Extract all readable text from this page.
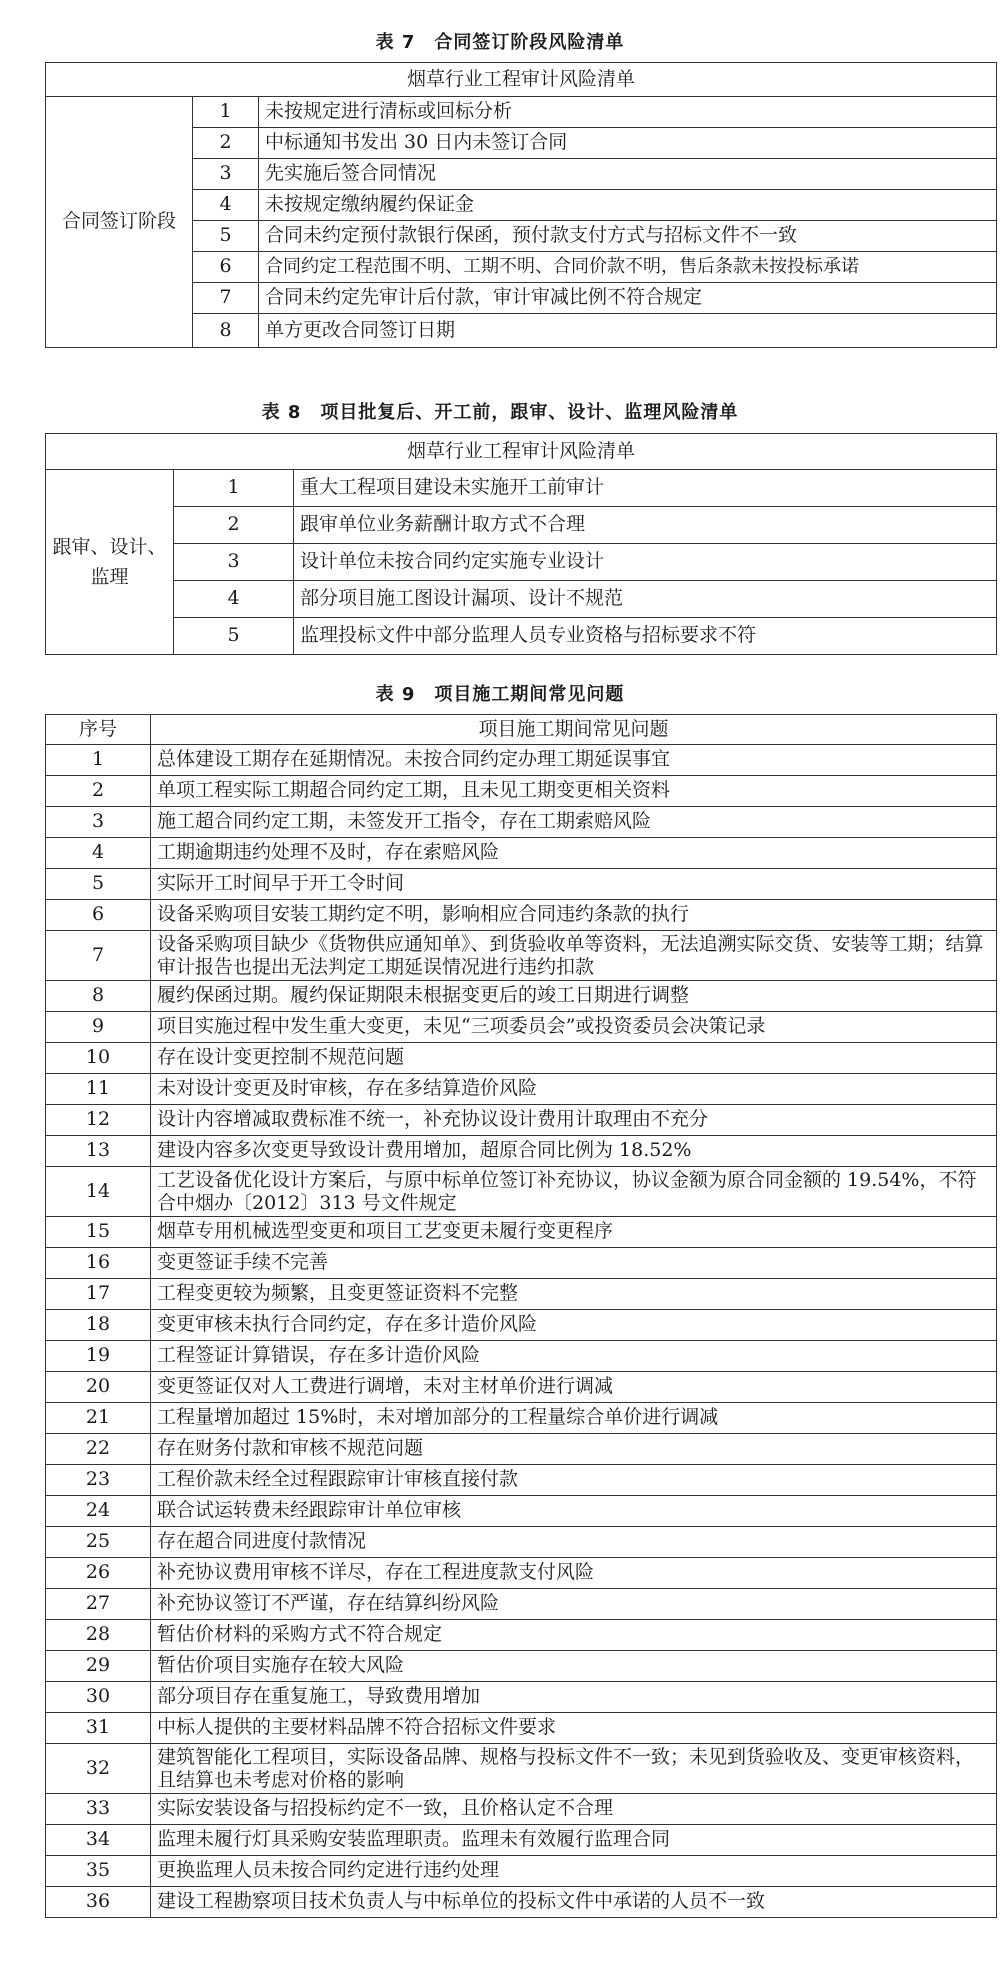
表 7　合同签订阶段风险清单
烟草行业工程审计风险清单		
合同签订阶段	1	未按规定进行清标或回标分析
	2	中标通知书发出 30 日内未签订合同
	3	先实施后签合同情况
	4	未按规定缴纳履约保证金
	5	合同未约定预付款银行保函，预付款支付方式与招标文件不一致
	6	合同约定工程范围不明、工期不明、合同价款不明，售后条款未按投标承诺
	7	合同未约定先审计后付款，审计审减比例不符合规定
	8	单方更改合同签订日期
表 8　项目批复后、开工前，跟审、设计、监理风险清单
烟草行业工程审计风险清单		
跟审、设计、监理	1	重大工程项目建设未实施开工前审计
	2	跟审单位业务薪酬计取方式不合理
	3	设计单位未按合同约定实施专业设计
	4	部分项目施工图设计漏项、设计不规范
	5	监理投标文件中部分监理人员专业资格与招标要求不符
表 9　项目施工期间常见问题
序号	项目施工期间常见问题
1	总体建设工期存在延期情况。未按合同约定办理工期延误事宜
2	单项工程实际工期超合同约定工期，且未见工期变更相关资料
3	施工超合同约定工期，未签发开工指令，存在工期索赔风险
4	工期逾期违约处理不及时，存在索赔风险
5	实际开工时间早于开工令时间
6	设备采购项目安装工期约定不明，影响相应合同违约条款的执行
7	设备采购项目缺少《货物供应通知单》、到货验收单等资料，无法追溯实际交货、安装等工期；结算审计报告也提出无法判定工期延误情况进行违约扣款
8	履约保函过期。履约保证期限未根据变更后的竣工日期进行调整
9	项目实施过程中发生重大变更，未见“三项委员会”或投资委员会决策记录
10	存在设计变更控制不规范问题
11	未对设计变更及时审核，存在多结算造价风险
12	设计内容增减取费标准不统一，补充协议设计费用计取理由不充分
13	建设内容多次变更导致设计费用增加，超原合同比例为 18.52%
14	工艺设备优化设计方案后，与原中标单位签订补充协议，协议金额为原合同金额的 19.54%，不符合中烟办〔2012〕313 号文件规定
15	烟草专用机械选型变更和项目工艺变更未履行变更程序
16	变更签证手续不完善
17	工程变更较为频繁，且变更签证资料不完整
18	变更审核未执行合同约定，存在多计造价风险
19	工程签证计算错误，存在多计造价风险
20	变更签证仅对人工费进行调增，未对主材单价进行调减
21	工程量增加超过 15%时，未对增加部分的工程量综合单价进行调减
22	存在财务付款和审核不规范问题
23	工程价款未经全过程跟踪审计审核直接付款
24	联合试运转费未经跟踪审计单位审核
25	存在超合同进度付款情况
26	补充协议费用审核不详尽，存在工程进度款支付风险
27	补充协议签订不严谨，存在结算纠纷风险
28	暂估价材料的采购方式不符合规定
29	暂估价项目实施存在较大风险
30	部分项目存在重复施工，导致费用增加
31	中标人提供的主要材料品牌不符合招标文件要求
32	建筑智能化工程项目，实际设备品牌、规格与投标文件不一致；未见到货验收及、变更审核资料，且结算也未考虑对价格的影响
33	实际安装设备与招投标约定不一致，且价格认定不合理
34	监理未履行灯具采购安装监理职责。监理未有效履行监理合同
35	更换监理人员未按合同约定进行违约处理
36	建设工程勘察项目技术负责人与中标单位的投标文件中承诺的人员不一致
